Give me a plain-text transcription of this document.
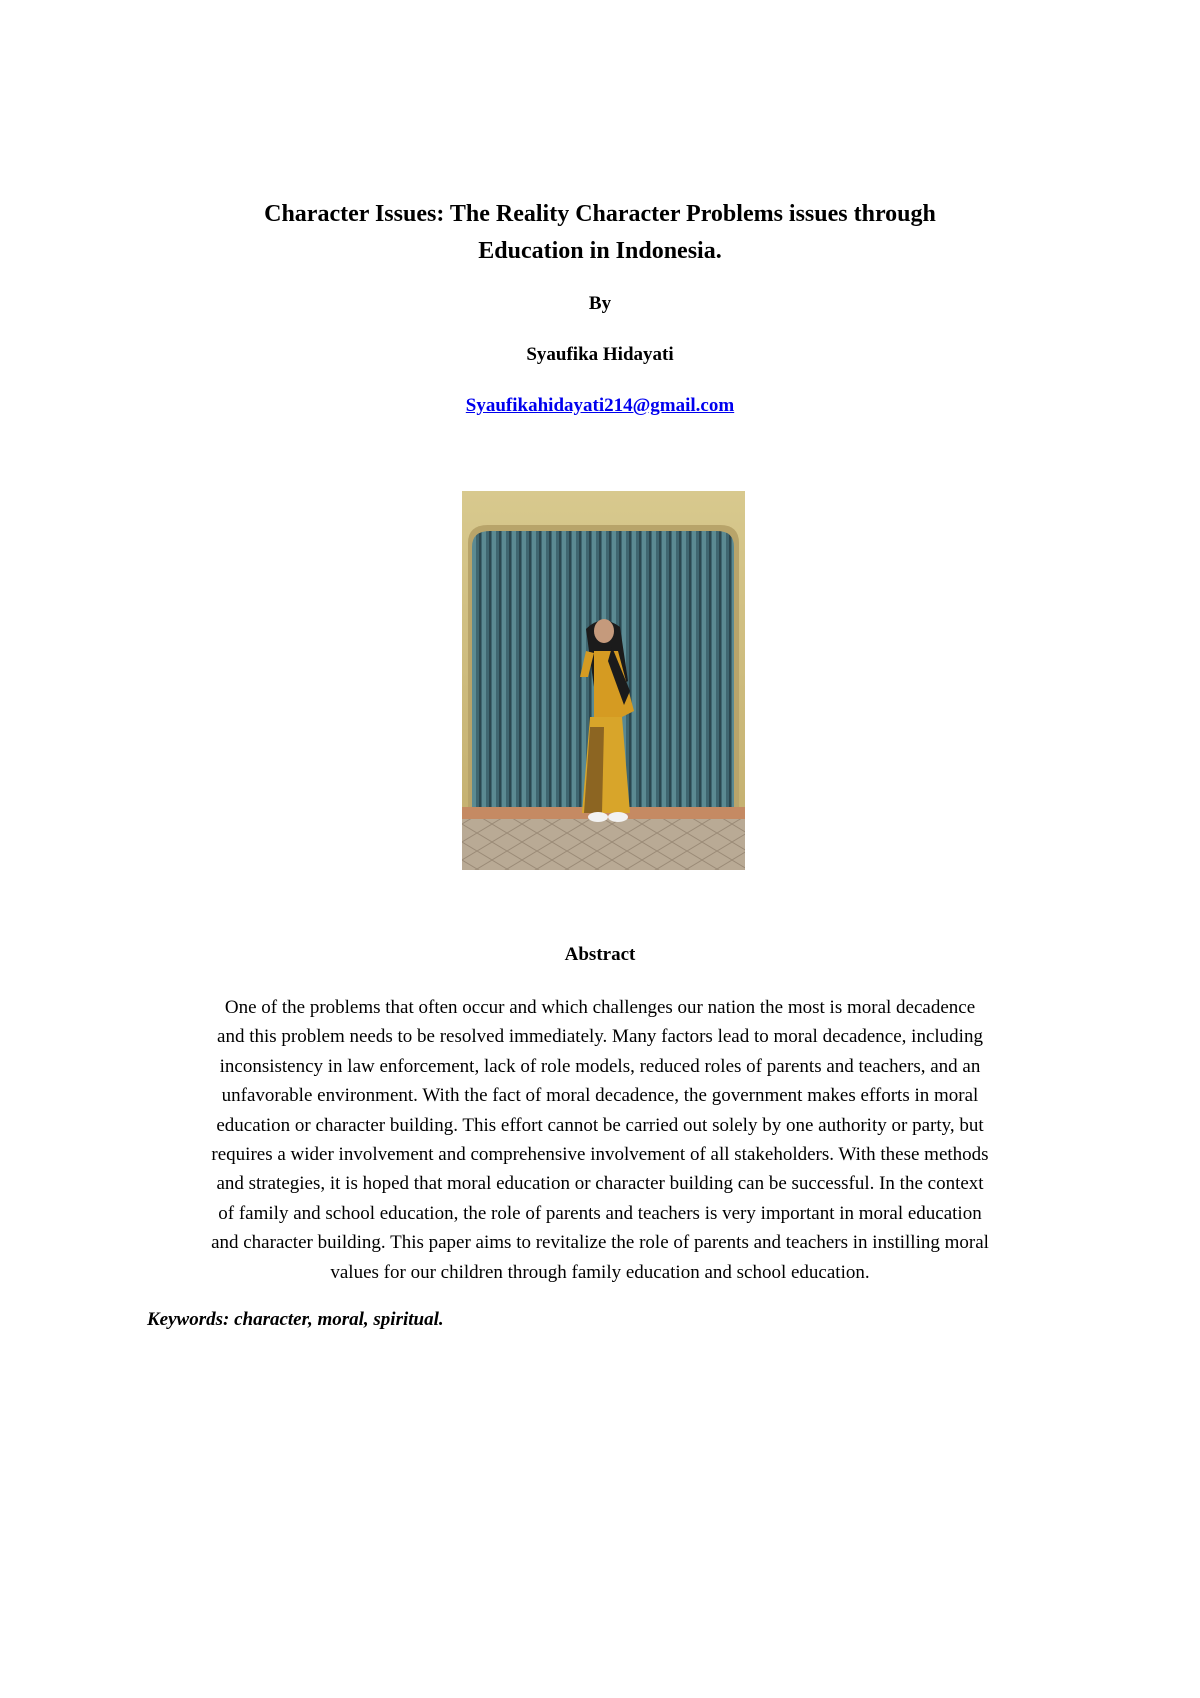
Character Issues: The Reality Character Problems issues through
Education in Indonesia.
By
Syaufika Hidayati
Syaufikahidayati214@gmail.com
Abstract
One of the problems that often occur and which challenges our nation the most is moral decadence
and this problem needs to be resolved immediately. Many factors lead to moral decadence, including
inconsistency in law enforcement, lack of role models, reduced roles of parents and teachers, and an
unfavorable environment. With the fact of moral decadence, the government makes efforts in moral
education or character building. This effort cannot be carried out solely by one authority or party, but
requires a wider involvement and comprehensive involvement of all stakeholders. With these methods
and strategies, it is hoped that moral education or character building can be successful. In the context
of family and school education, the role of parents and teachers is very important in moral education
and character building. This paper aims to revitalize the role of parents and teachers in instilling moral
values for our children through family education and school education.
Keywords: character, moral, spiritual.
